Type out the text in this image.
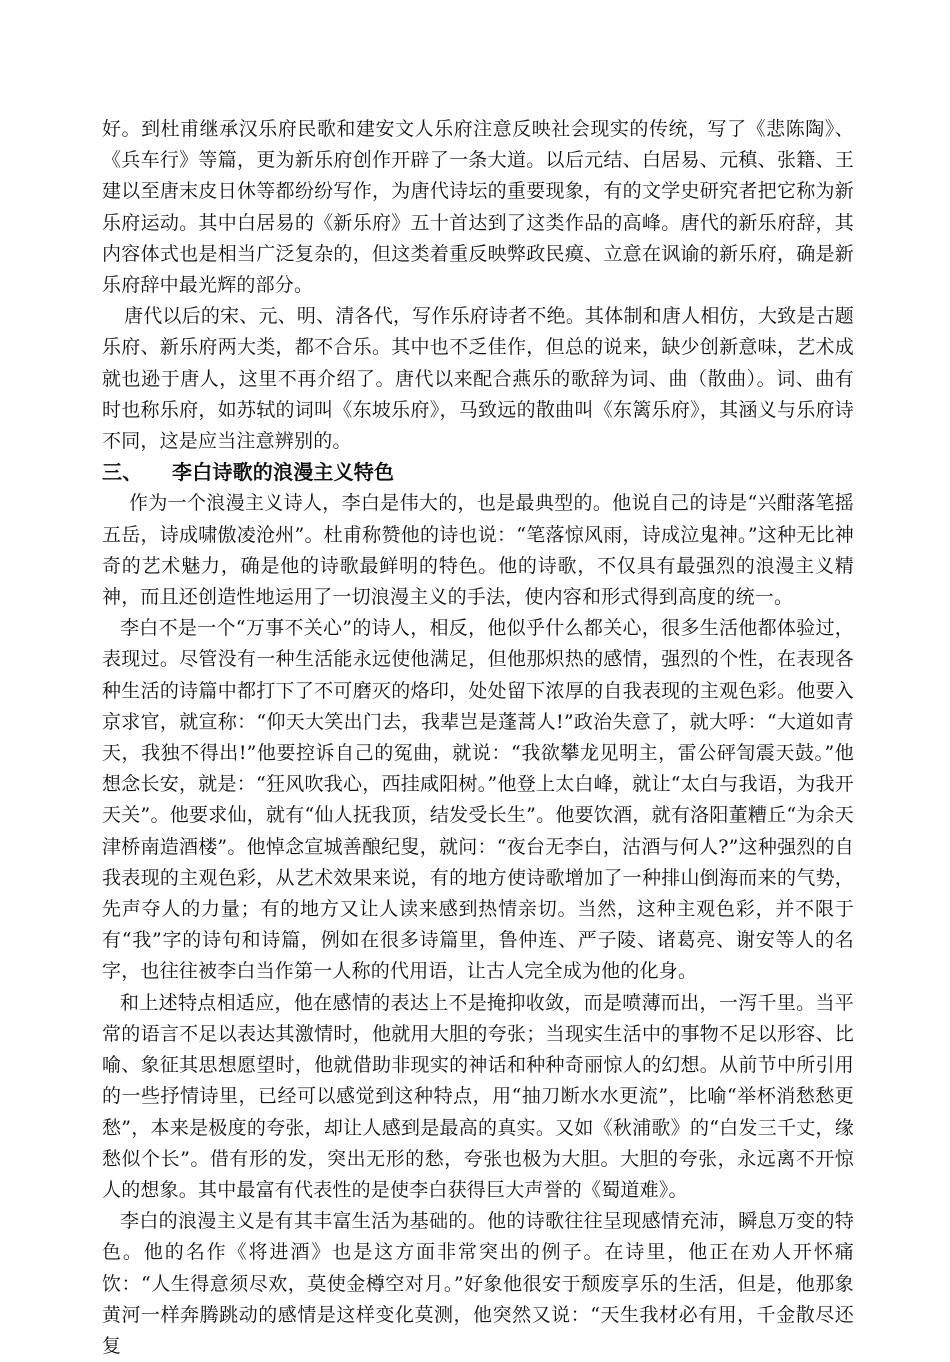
好。到杜甫继承汉乐府民歌和建安文人乐府注意反映社会现实的传统，写了《悲陈陶》、《兵车行》等篇，更为新乐府创作开辟了一条大道。以后元结、白居易、元稹、张籍、王建以至唐末皮日休等都纷纷写作，为唐代诗坛的重要现象，有的文学史研究者把它称为新乐府运动。其中白居易的《新乐府》五十首达到了这类作品的高峰。唐代的新乐府辞，其内容体式也是相当广泛复杂的，但这类着重反映弊政民瘼、立意在讽谕的新乐府，确是新乐府辞中最光辉的部分。

唐代以后的宋、元、明、清各代，写作乐府诗者不绝。其体制和唐人相仿，大致是古题乐府、新乐府两大类，都不合乐。其中也不乏佳作，但总的说来，缺少创新意味，艺术成就也逊于唐人，这里不再介绍了。唐代以来配合燕乐的歌辞为词、曲（散曲）。词、曲有时也称乐府，如苏轼的词叫《东坡乐府》，马致远的散曲叫《东篱乐府》，其涵义与乐府诗不同，这是应当注意辨别的。

三、 李白诗歌的浪漫主义特色

作为一个浪漫主义诗人，李白是伟大的，也是最典型的。他说自己的诗是“兴酣落笔摇五岳，诗成啸傲凌沧州”。杜甫称赞他的诗也说：“笔落惊风雨，诗成泣鬼神。”这种无比神奇的艺术魅力，确是他的诗歌最鲜明的特色。他的诗歌，不仅具有最强烈的浪漫主义精神，而且还创造性地运用了一切浪漫主义的手法，使内容和形式得到高度的统一。

李白不是一个“万事不关心”的诗人，相反，他似乎什么都关心，很多生活他都体验过，表现过。尽管没有一种生活能永远使他满足，但他那炽热的感情，强烈的个性，在表现各种生活的诗篇中都打下了不可磨灭的烙印，处处留下浓厚的自我表现的主观色彩。他要入京求官，就宣称：“仰天大笑出门去，我辈岂是蓬蒿人!”政治失意了，就大呼：“大道如青天，我独不得出!”他要控诉自己的冤曲，就说：“我欲攀龙见明主，雷公砰訇震天鼓。”他想念长安，就是：“狂风吹我心，西挂咸阳树。”他登上太白峰，就让“太白与我语，为我开天关”。他要求仙，就有“仙人抚我顶，结发受长生”。他要饮酒，就有洛阳董糟丘“为余天津桥南造酒楼”。他悼念宣城善酿纪叟，就问：“夜台无李白，沽酒与何人?”这种强烈的自我表现的主观色彩，从艺术效果来说，有的地方使诗歌增加了一种排山倒海而来的气势，先声夺人的力量；有的地方又让人读来感到热情亲切。当然，这种主观色彩，并不限于有“我”字的诗句和诗篇，例如在很多诗篇里，鲁仲连、严子陵、诸葛亮、谢安等人的名字，也往往被李白当作第一人称的代用语，让古人完全成为他的化身。

和上述特点相适应，他在感情的表达上不是掩抑收敛，而是喷薄而出，一泻千里。当平常的语言不足以表达其激情时，他就用大胆的夸张；当现实生活中的事物不足以形容、比喻、象征其思想愿望时，他就借助非现实的神话和种种奇丽惊人的幻想。从前节中所引用的一些抒情诗里，已经可以感觉到这种特点，用“抽刀断水水更流”，比喻“举杯消愁愁更愁”，本来是极度的夸张，却让人感到是最高的真实。又如《秋浦歌》的“白发三千丈，缘愁似个长”。借有形的发，突出无形的愁，夸张也极为大胆。大胆的夸张，永远离不开惊人的想象。其中最富有代表性的是使李白获得巨大声誉的《蜀道难》。

李白的浪漫主义是有其丰富生活为基础的。他的诗歌往往呈现感情充沛，瞬息万变的特色。他的名作《将进酒》也是这方面非常突出的例子。在诗里，他正在劝人开怀痛饮：“人生得意须尽欢，莫使金樽空对月。”好象他很安于颓废享乐的生活，但是，他那象黄河一样奔腾跳动的感情是这样变化莫测，他突然又说：“天生我材必有用，千金散尽还复
